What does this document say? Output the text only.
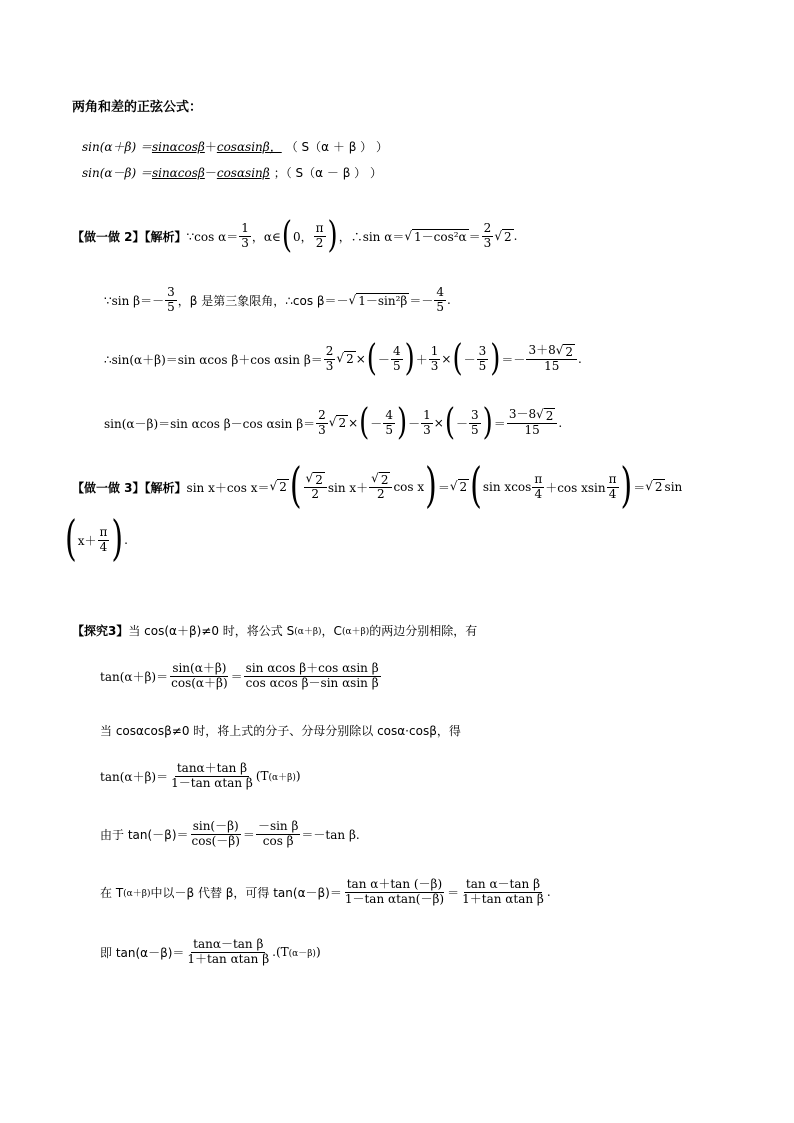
两角和差的正弦公式：
sin(α＋β) ＝ sinαcosβ ＋ cosαsinβ， （ S（α ＋ β ） ）
sin(α－β) ＝ sinαcosβ － cosαsinβ ；（ S（α － β ） ）
【做一做 2】【解析】 ∵cos $\alpha= \frac{1}{3}$ ，α∈ ( 0， $\frac{\pi}{2}$ ) ，∴sin α＝ √ $1-\cos^2\alpha = \frac{2}{3}$ √ 2 .
∵sin $\beta=- \frac{3}{5}$ ，β 是第三象限角，∴cos β＝－ √ $1-\sin^2\beta =- \frac{4}{5}$ .
∴sin(α＋β)＝sin αcos β＋cos αsin $\beta= \frac{2}{3}$ √ 2 × ( － $\frac{4}{5}$ ) ＋ $\frac{1}{3}$ × ( － $\frac{3}{5}$ ) ＝－ $\frac{3+8√ 2}{15}$ .
sin(α－β)＝sin αcos β－cos αsin $\beta= \frac{2}{3}$ √ 2 × ( － $\frac{4}{5}$ ) － $\frac{1}{3}$ × ( － $\frac{3}{5}$ ) ＝ $\frac{3-8√ 2}{15}$ .
【做一做 3】【解析】 sin x＋cos x＝ √ 2 ( $\frac{√ 2}{2}$ $\sin x+ \frac{√ 2}{2}$ cos x ) ＝ √ 2 ( sin xcos $\frac{\pi}{4} +\cos$ xsin $\frac{\pi}{4}$ ) ＝ √ 2 sin
( $x+ \frac{\pi}{4}$ ) .
【探究3】 当 cos(α＋β)≠0 时，将公式 S (α＋β) ，C (α＋β) 的两边分别相除，有
$\tan(\alpha+\beta)= \frac{\sin(\alpha+\beta)}{\cos(\alpha+\beta)} = \frac{\text{sin αcos β＋cos αsin β}}{\text{cos αcos β－sin αsin β}}$
当 cosαcosβ≠0 时，将上式的分子、分母分别除以 cosα·cosβ，得
$\tan(\alpha+\beta)= \frac{\text{tanα＋tan β}}{\text{1－tan αtan β}} (T$ (α＋β) )
由于 $\tan(-\beta)= \frac{\sin(-\beta)}{\cos(-\beta)} = \frac{\text{－sin β}}{\text{cos β}} =-\tan$ β.
在 T (α＋β) 中以－β 代替 β，可得 $\tan(\alpha-\beta)= \frac{\text{tan α＋tan (－β)}}{\text{1－tan αtan(－β)}} = \frac{\text{tan α－tan β}}{\text{1＋tan αtan β}}$ .
即 $\tan(\alpha-\beta)= \frac{\text{tanα－tan β}}{\text{1＋tan αtan β}} .(T$ (α－β) )
